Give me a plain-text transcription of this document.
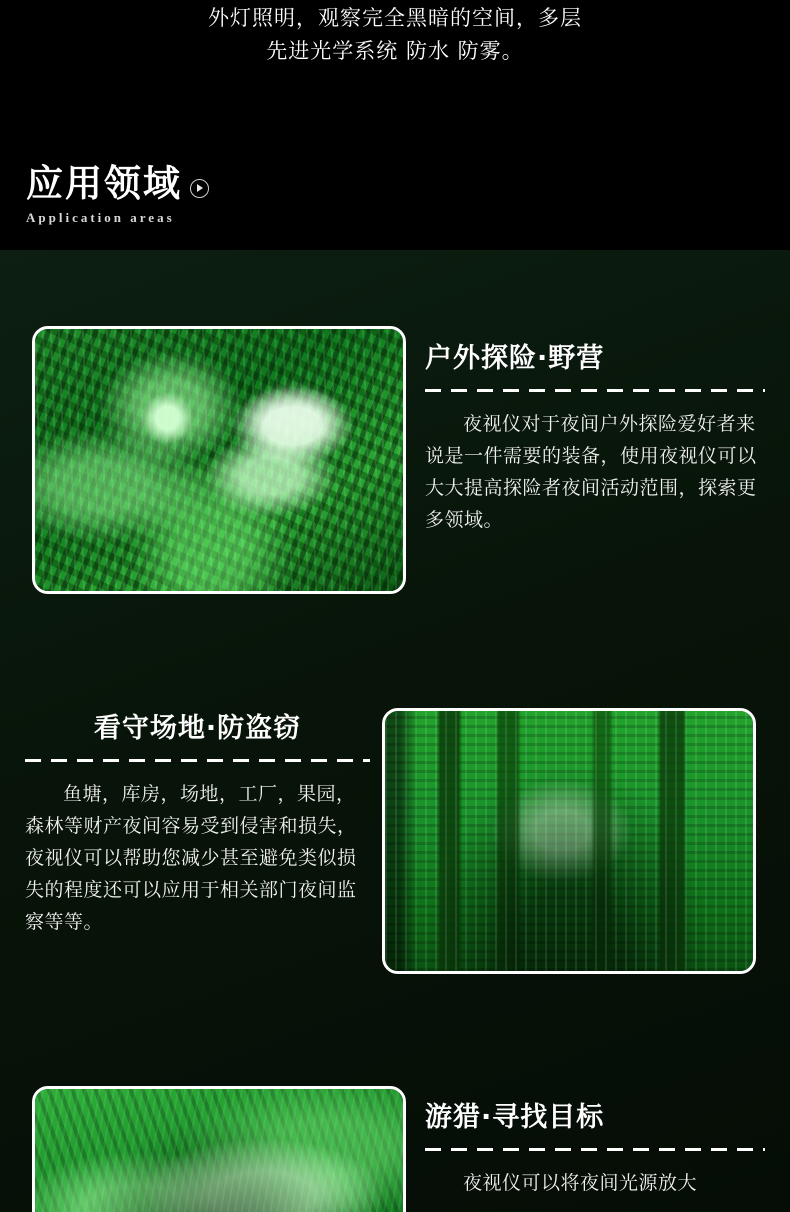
外灯照明，观察完全黑暗的空间，多层
先进光学系统 防水 防雾。
应用领域
Application areas
户外探险·野营
夜视仪对于夜间户外探险爱好者来说是一件需要的装备，使用夜视仪可以大大提高探险者夜间活动范围，探索更多领域。
看守场地·防盗窃
鱼塘，库房，场地，工厂，果园，森林等财产夜间容易受到侵害和损失，夜视仪可以帮助您减少甚至避免类似损失的程度还可以应用于相关部门夜间监察等等。
游猎·寻找目标
夜视仪可以将夜间光源放大
